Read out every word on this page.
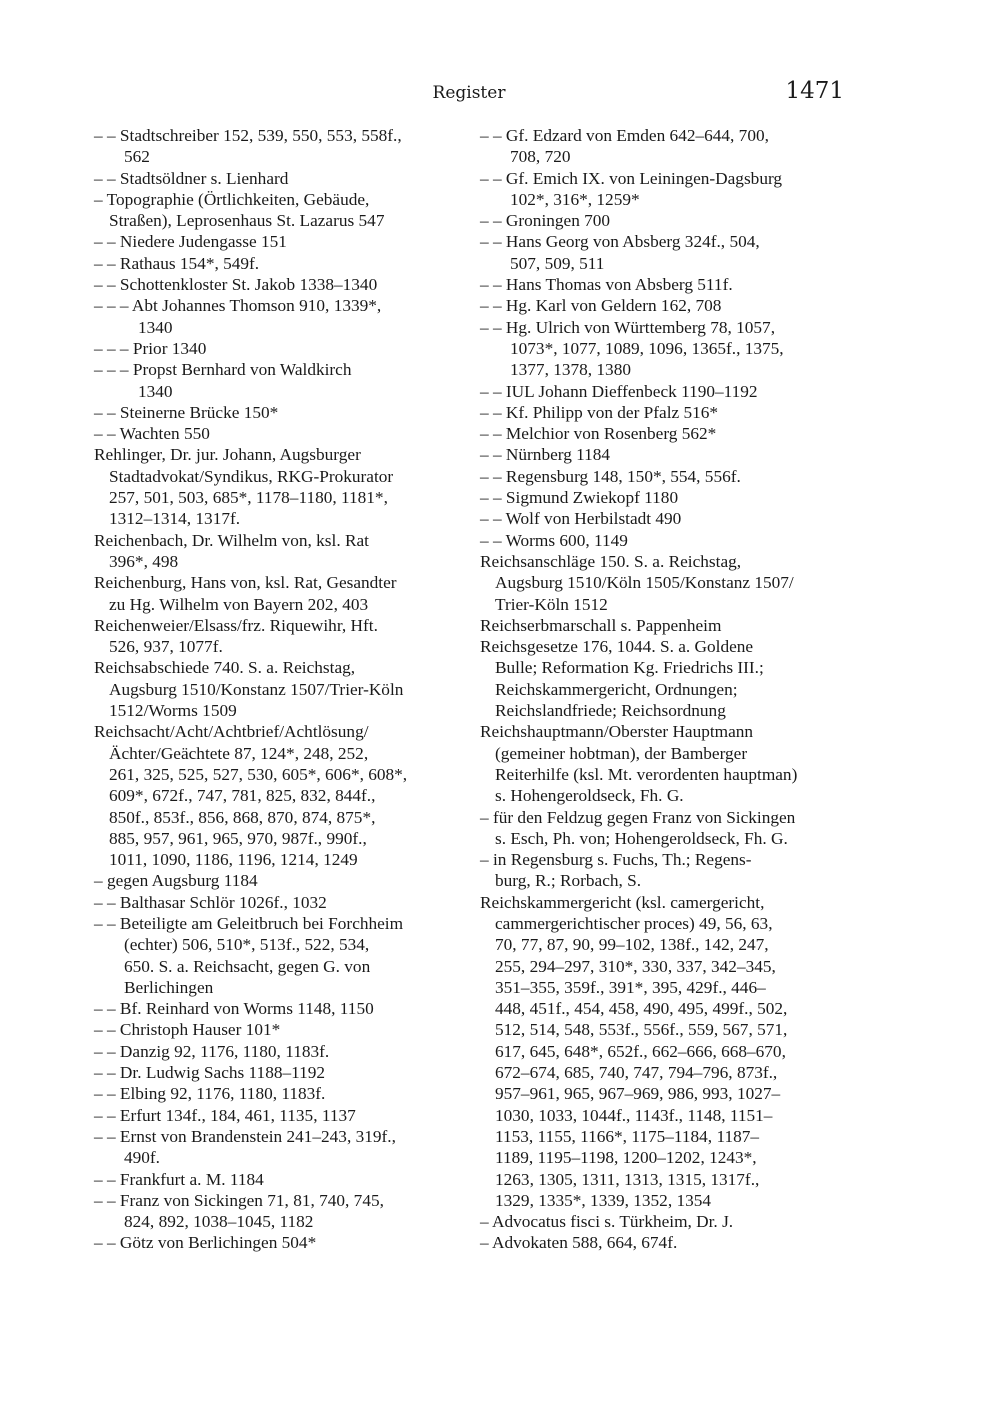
Register	1471
– – Stadtschreiber 152, 539, 550, 553, 558f.,
562
– – Stadtsöldner s. Lienhard
– Topographie (Örtlichkeiten, Gebäude,
Straßen), Leprosenhaus St. Lazarus 547
– – Niedere Judengasse 151
– – Rathaus 154*, 549f.
– – Schottenkloster St. Jakob 1338–1340
– – – Abt Johannes Thomson 910, 1339*,
1340
– – – Prior 1340
– – – Propst Bernhard von Waldkirch
1340
– – Steinerne Brücke 150*
– – Wachten 550
Rehlinger, Dr. jur. Johann, Augsburger
Stadtadvokat/Syndikus, RKG-Prokurator
257, 501, 503, 685*, 1178–1180, 1181*,
1312–1314, 1317f.
Reichenbach, Dr. Wilhelm von, ksl. Rat
396*, 498
Reichenburg, Hans von, ksl. Rat, Gesandter
zu Hg. Wilhelm von Bayern 202, 403
Reichenweier/Elsass/frz. Riquewihr, Hft.
526, 937, 1077f.
Reichsabschiede 740. S. a. Reichstag,
Augsburg 1510/Konstanz 1507/Trier-Köln
1512/Worms 1509
Reichsacht/Acht/Achtbrief/Achtlösung/
Ächter/Geächtete 87, 124*, 248, 252,
261, 325, 525, 527, 530, 605*, 606*, 608*,
609*, 672f., 747, 781, 825, 832, 844f.,
850f., 853f., 856, 868, 870, 874, 875*,
885, 957, 961, 965, 970, 987f., 990f.,
1011, 1090, 1186, 1196, 1214, 1249
– gegen Augsburg 1184
– – Balthasar Schlör 1026f., 1032
– – Beteiligte am Geleitbruch bei Forchheim
(echter) 506, 510*, 513f., 522, 534,
650. S. a. Reichsacht, gegen G. von
Berlichingen
– – Bf. Reinhard von Worms 1148, 1150
– – Christoph Hauser 101*
– – Danzig 92, 1176, 1180, 1183f.
– – Dr. Ludwig Sachs 1188–1192
– – Elbing 92, 1176, 1180, 1183f.
– – Erfurt 134f., 184, 461, 1135, 1137
– – Ernst von Brandenstein 241–243, 319f.,
490f.
– – Frankfurt a. M. 1184
– – Franz von Sickingen 71, 81, 740, 745,
824, 892, 1038–1045, 1182
– – Götz von Berlichingen 504*
– – Gf. Edzard von Emden 642–644, 700,
708, 720
– – Gf. Emich IX. von Leiningen-Dagsburg
102*, 316*, 1259*
– – Groningen 700
– – Hans Georg von Absberg 324f., 504,
507, 509, 511
– – Hans Thomas von Absberg 511f.
– – Hg. Karl von Geldern 162, 708
– – Hg. Ulrich von Württemberg 78, 1057,
1073*, 1077, 1089, 1096, 1365f., 1375,
1377, 1378, 1380
– – IUL Johann Dieffenbeck 1190–1192
– – Kf. Philipp von der Pfalz 516*
– – Melchior von Rosenberg 562*
– – Nürnberg 1184
– – Regensburg 148, 150*, 554, 556f.
– – Sigmund Zwiekopf 1180
– – Wolf von Herbilstadt 490
– – Worms 600, 1149
Reichsanschläge 150. S. a. Reichstag,
Augsburg 1510/Köln 1505/Konstanz 1507/
Trier-Köln 1512
Reichserbmarschall s. Pappenheim
Reichsgesetze 176, 1044. S. a. Goldene
Bulle; Reformation Kg. Friedrichs III.;
Reichskammergericht, Ordnungen;
Reichslandfriede; Reichsordnung
Reichshauptmann/Oberster Hauptmann
(gemeiner hobtman), der Bamberger
Reiterhilfe (ksl. Mt. verordenten hauptman)
s. Hohengeroldseck, Fh. G.
– für den Feldzug gegen Franz von Sickingen
s. Esch, Ph. von; Hohengeroldseck, Fh. G.
– in Regensburg s. Fuchs, Th.; Regens-
burg, R.; Rorbach, S.
Reichskammergericht (ksl. camergericht,
cammergerichtischer proces) 49, 56, 63,
70, 77, 87, 90, 99–102, 138f., 142, 247,
255, 294–297, 310*, 330, 337, 342–345,
351–355, 359f., 391*, 395, 429f., 446–
448, 451f., 454, 458, 490, 495, 499f., 502,
512, 514, 548, 553f., 556f., 559, 567, 571,
617, 645, 648*, 652f., 662–666, 668–670,
672–674, 685, 740, 747, 794–796, 873f.,
957–961, 965, 967–969, 986, 993, 1027–
1030, 1033, 1044f., 1143f., 1148, 1151–
1153, 1155, 1166*, 1175–1184, 1187–
1189, 1195–1198, 1200–1202, 1243*,
1263, 1305, 1311, 1313, 1315, 1317f.,
1329, 1335*, 1339, 1352, 1354
– Advocatus fisci s. Türkheim, Dr. J.
– Advokaten 588, 664, 674f.
